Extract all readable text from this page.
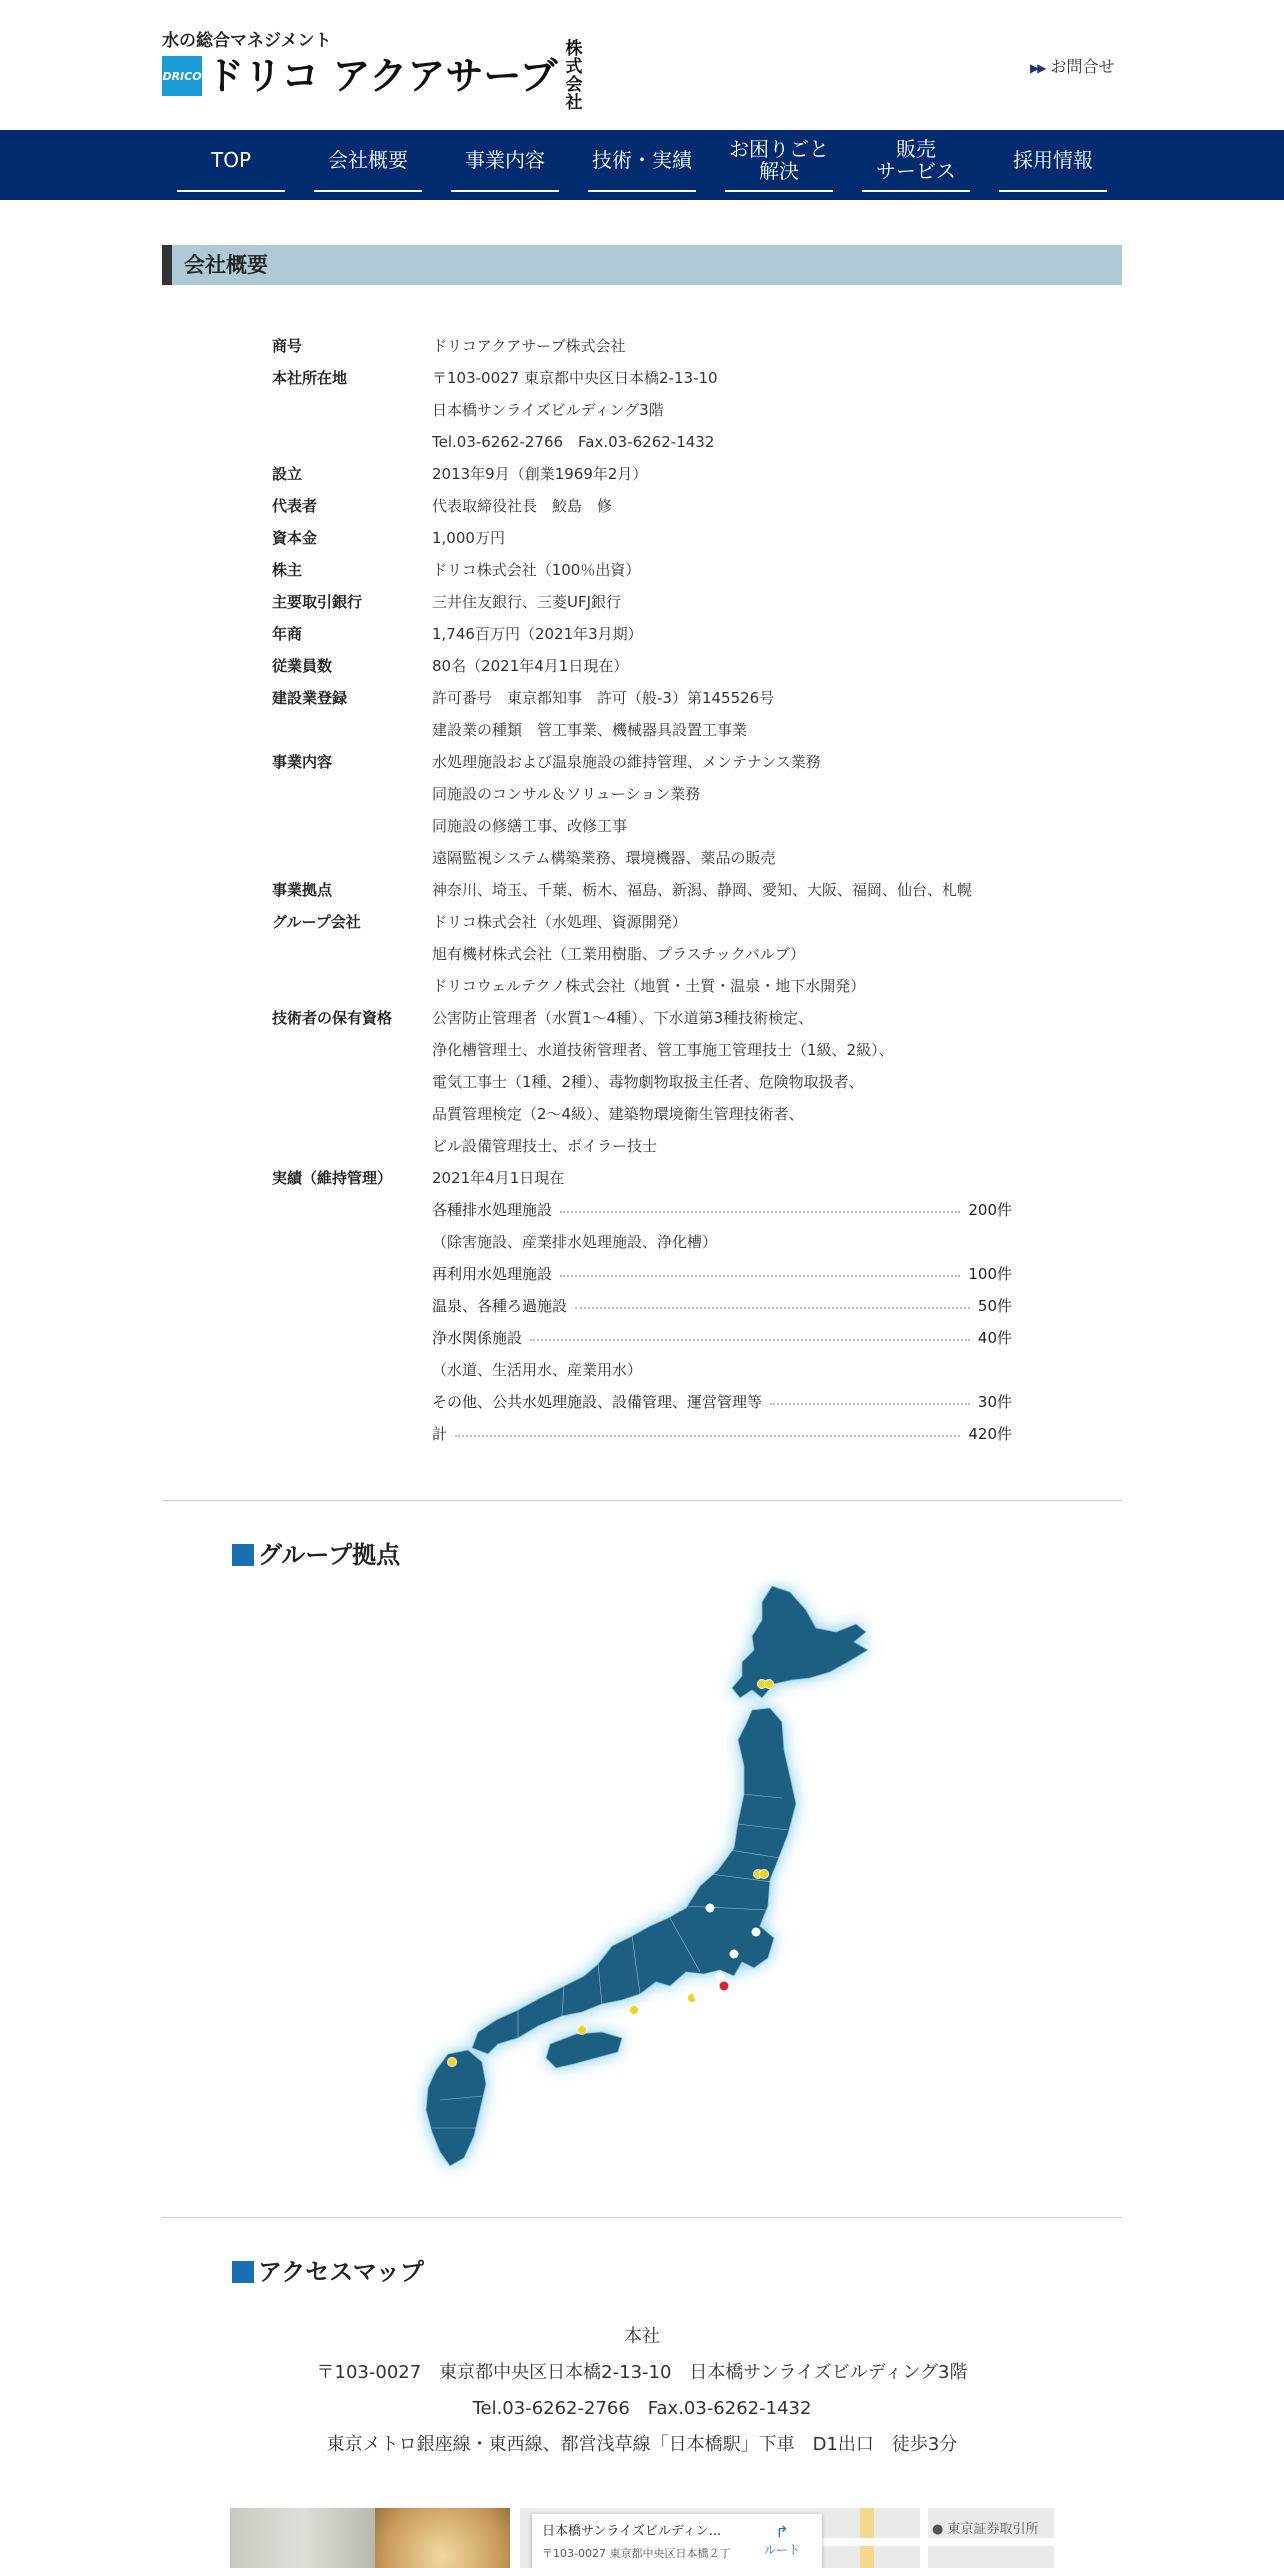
水の総合マネジメント
DRICO ドリコ アクアサーブ
株式会社
▶▶ お問合せ
TOP	会社概要	事業内容	技術・実績 お困りごと
解決
販売
サービス	採用情報
会社概要
商号	ドリコアクアサーブ株式会社
本社所在地	〒103-0027 東京都中央区日本橋2-13-10
日本橋サンライズビルディング3階
Tel.03-6262-2766　Fax.03-6262-1432
設立	2013年9月（創業1969年2月）
代表者	代表取締役社長　鮫島　修
資本金	1,000万円
株主	ドリコ株式会社（100％出資）
主要取引銀行	三井住友銀行、三菱UFJ銀行
年商	1,746百万円（2021年3月期）
従業員数	80名（2021年4月1日現在）
建設業登録	許可番号　東京都知事　許可（般-3）第145526号
建設業の種類　管工事業、機械器具設置工事業
事業内容	水処理施設および温泉施設の維持管理、メンテナンス業務
同施設のコンサル＆ソリューション業務
同施設の修繕工事、改修工事
遠隔監視システム構築業務、環境機器、薬品の販売
事業拠点	神奈川、埼玉、千葉、栃木、福島、新潟、静岡、愛知、大阪、福岡、仙台、札幌
グループ会社	ドリコ株式会社（水処理、資源開発）
旭有機材株式会社（工業用樹脂、プラスチックバルブ）
ドリコウェルテクノ株式会社（地質・土質・温泉・地下水開発）
技術者の保有資格	公害防止管理者（水質1～4種）、下水道第3種技術検定、
浄化槽管理士、水道技術管理者、管工事施工管理技士（1級、2級）、
電気工事士（1種、2種）、毒物劇物取扱主任者、危険物取扱者、
品質管理検定（2～4級）、建築物環境衛生管理技術者、
ビル設備管理技士、ボイラー技士
実績（維持管理）	2021年4月1日現在
各種排水処理施設	200件
（除害施設、産業排水処理施設、浄化槽）
再利用水処理施設	100件
温泉、各種ろ過施設	50件
浄水関係施設	40件
（水道、生活用水、産業用水）
その他、公共水処理施設、設備管理、運営管理等	30件
計	420件
グループ拠点
アクセスマップ
本社
〒103-0027　東京都中央区日本橋2-13-10　日本橋サンライズビルディング3階
Tel.03-6262-2766　Fax.03-6262-1432
東京メトロ銀座線・東西線、都営浅草線「日本橋駅」下車　D1出口　徒歩3分
日本橋サンライズビルディン...
〒103-0027 東京都中央区日本橋２丁
↱
ルート
● 東京証券取引所
